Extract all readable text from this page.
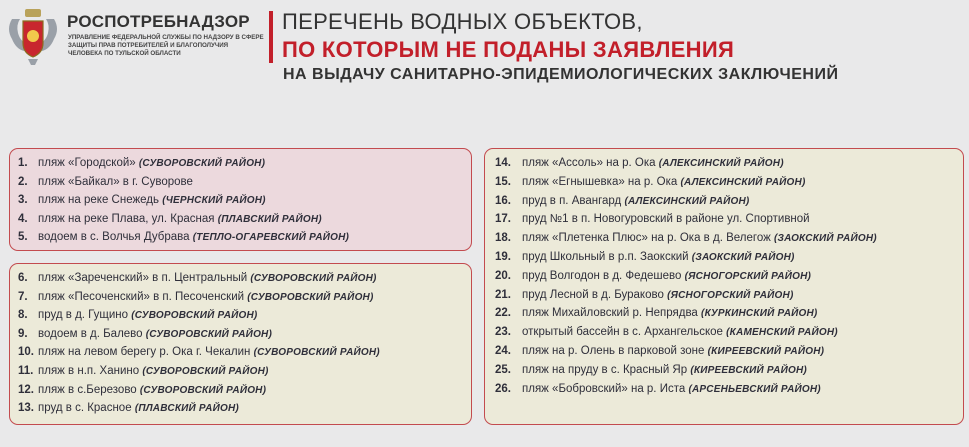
РОСПОТРЕБНАДЗОР
УПРАВЛЕНИЕ ФЕДЕРАЛЬНОЙ СЛУЖБЫ ПО НАДЗОРУ В СФЕРЕ ЗАЩИТЫ ПРАВ ПОТРЕБИТЕЛЕЙ И БЛАГОПОЛУЧИЯ ЧЕЛОВЕКА ПО ТУЛЬСКОЙ ОБЛАСТИ
ПЕРЕЧЕНЬ ВОДНЫХ ОБЪЕКТОВ,
ПО КОТОРЫМ НЕ ПОДАНЫ ЗАЯВЛЕНИЯ
НА ВЫДАЧУ САНИТАРНО-ЭПИДЕМИОЛОГИЧЕСКИХ ЗАКЛЮЧЕНИЙ
1. пляж «Городской» (СУВОРОВСКИЙ РАЙОН)
2. пляж «Байкал» в г. Суворове
3. пляж на реке Снежедь (ЧЕРНСКИЙ РАЙОН)
4. пляж на реке Плава, ул. Красная (ПЛАВСКИЙ РАЙОН)
5. водоем в с. Волчья Дубрава (ТЕПЛО-ОГАРЕВСКИЙ РАЙОН)
6. пляж «Зареченский» в п. Центральный (СУВОРОВСКИЙ РАЙОН)
7. пляж «Песоченский» в п. Песоченский (СУВОРОВСКИЙ РАЙОН)
8. пруд в д. Гущино (СУВОРОВСКИЙ РАЙОН)
9. водоем в д. Балево (СУВОРОВСКИЙ РАЙОН)
10. пляж на левом берегу р. Ока г. Чекалин (СУВОРОВСКИЙ РАЙОН)
11. пляж в н.п. Ханино (СУВОРОВСКИЙ РАЙОН)
12. пляж в с.Березово (СУВОРОВСКИЙ РАЙОН)
13. пруд в с. Красное (ПЛАВСКИЙ РАЙОН)
14. пляж «Ассоль» на р. Ока (АЛЕКСИНСКИЙ РАЙОН)
15. пляж «Егнышевка» на р. Ока (АЛЕКСИНСКИЙ РАЙОН)
16. пруд в п. Авангард (АЛЕКСИНСКИЙ РАЙОН)
17. пруд №1 в п. Новогуровский в районе ул. Спортивной
18. пляж «Плетенка Плюс» на р. Ока в д. Велегож (ЗАОКСКИЙ РАЙОН)
19. пруд Школьный в р.п. Заокский (ЗАОКСКИЙ РАЙОН)
20. пруд Волгодон в д. Федешево (ЯСНОГОРСКИЙ РАЙОН)
21. пруд Лесной в д. Бураково (ЯСНОГОРСКИЙ РАЙОН)
22. пляж Михайловский р. Непрядва (КУРКИНСКИЙ РАЙОН)
23. открытый бассейн в с. Архангельское (КАМЕНСКИЙ РАЙОН)
24. пляж на р. Олень в парковой зоне (КИРЕЕВСКИЙ РАЙОН)
25. пляж на пруду в с. Красный Яр (КИРЕЕВСКИЙ РАЙОН)
26. пляж «Бобровский» на р. Иста (АРСЕНЬЕВСКИЙ РАЙОН)
